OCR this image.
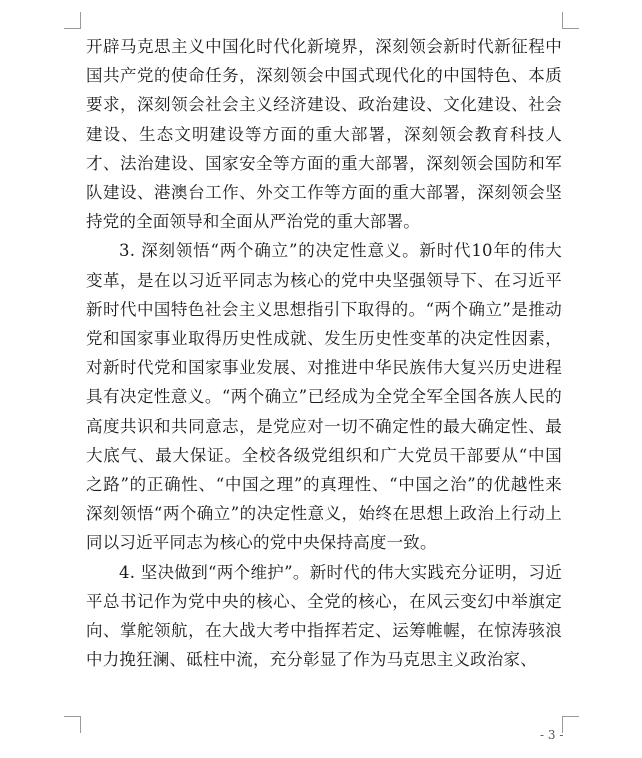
开辟马克思主义中国化时代化新境界，深刻领会新时代新征程中国共产党的使命任务，深刻领会中国式现代化的中国特色、本质要求，深刻领会社会主义经济建设、政治建设、文化建设、社会建设、生态文明建设等方面的重大部署，深刻领会教育科技人才、法治建设、国家安全等方面的重大部署，深刻领会国防和军队建设、港澳台工作、外交工作等方面的重大部署，深刻领会坚持党的全面领导和全面从严治党的重大部署。

3. 深刻领悟“两个确立”的决定性意义。新时代10年的伟大变革，是在以习近平同志为核心的党中央坚强领导下、在习近平新时代中国特色社会主义思想指引下取得的。“两个确立”是推动党和国家事业取得历史性成就、发生历史性变革的决定性因素，对新时代党和国家事业发展、对推进中华民族伟大复兴历史进程具有决定性意义。“两个确立”已经成为全党全军全国各族人民的高度共识和共同意志，是党应对一切不确定性的最大确定性、最大底气、最大保证。全校各级党组织和广大党员干部要从“中国之路”的正确性、“中国之理”的真理性、“中国之治”的优越性来深刻领悟“两个确立”的决定性意义，始终在思想上政治上行动上同以习近平同志为核心的党中央保持高度一致。

4. 坚决做到“两个维护”。新时代的伟大实践充分证明，习近平总书记作为党中央的核心、全党的核心，在风云变幻中举旗定向、掌舵领航，在大战大考中指挥若定、运筹帷幄，在惊涛骇浪中力挽狂澜、砥柱中流，充分彰显了作为马克思主义政治家、

- 3 -
